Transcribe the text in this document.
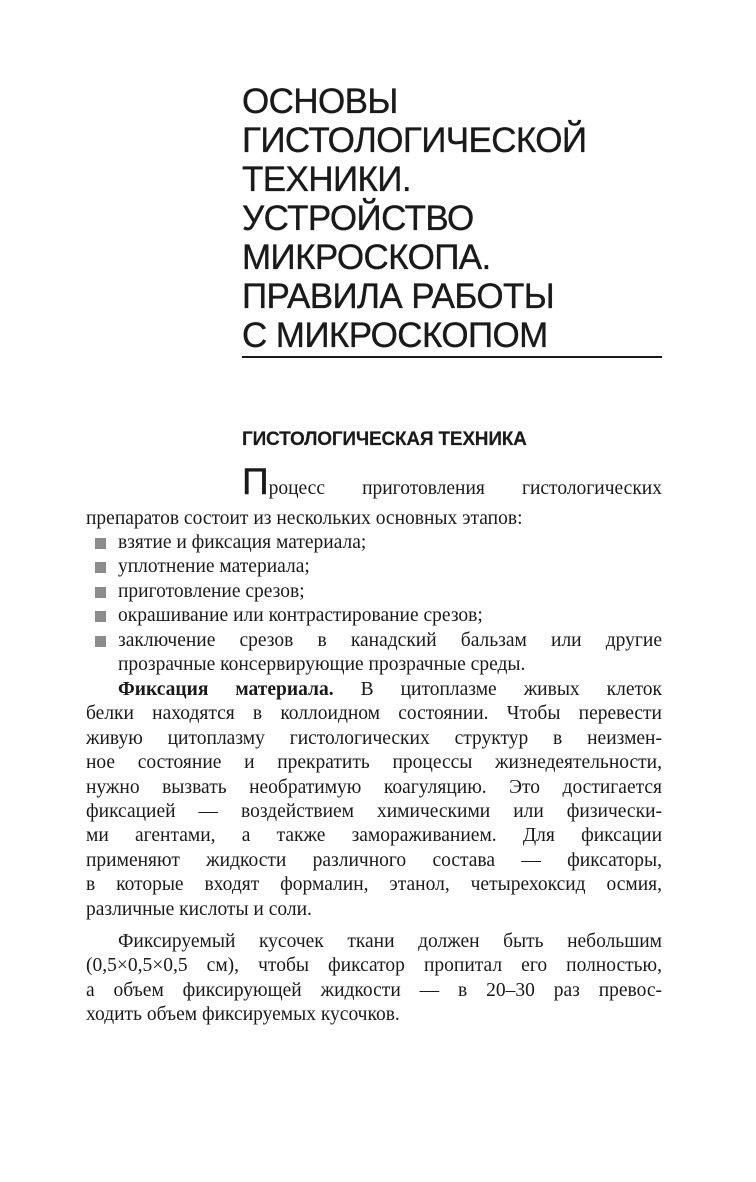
ОСНОВЫ
ГИСТОЛОГИЧЕСКОЙ
ТЕХНИКИ.
УСТРОЙСТВО
МИКРОСКОПА.
ПРАВИЛА РАБОТЫ
С МИКРОСКОПОМ
ГИСТОЛОГИЧЕСКАЯ ТЕХНИКА
Процесс приготовления гистологических
препаратов состоит из нескольких основных этапов:
взятие и фиксация материала;
уплотнение материала;
приготовление срезов;
окрашивание или контрастирование срезов;
заключение срезов в канадский бальзам или другие
прозрачные консервирующие прозрачные среды.
Фиксация материала. В цитоплазме живых клеток
белки находятся в коллоидном состоянии. Чтобы перевести
живую цитоплазму гистологических структур в неизмен-
ное состояние и прекратить процессы жизнедеятельности,
нужно вызвать необратимую коагуляцию. Это достигается
фиксацией — воздействием химическими или физически-
ми агентами, а также замораживанием. Для фиксации
применяют жидкости различного состава — фиксаторы,
в которые входят формалин, этанол, четырехоксид осмия,
различные кислоты и соли.
Фиксируемый кусочек ткани должен быть небольшим
(0,5×0,5×0,5 см), чтобы фиксатор пропитал его полностью,
а объем фиксирующей жидкости — в 20–30 раз превос-
ходить объем фиксируемых кусочков.
